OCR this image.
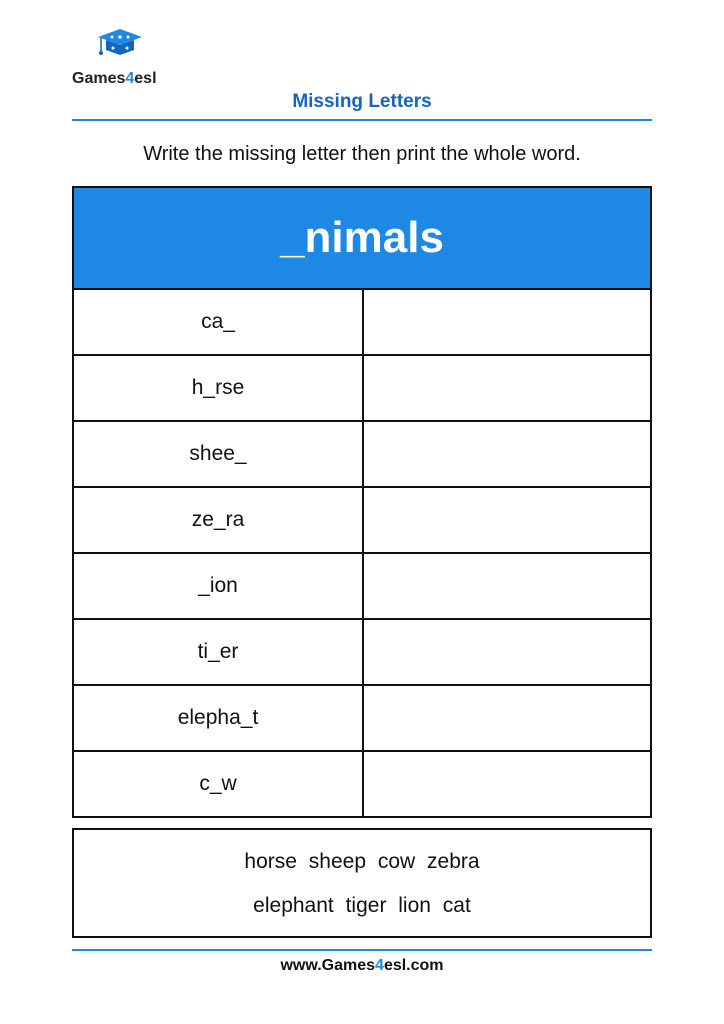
Games4esl
Missing Letters
Write the missing letter then print the whole word.
_nimals	
ca_	
h_rse	
shee_	
ze_ra	
_ion	
ti_er	
elepha_t	
c_w	
horse sheep cow zebra
elephant tiger lion cat
www.Games4esl.com
